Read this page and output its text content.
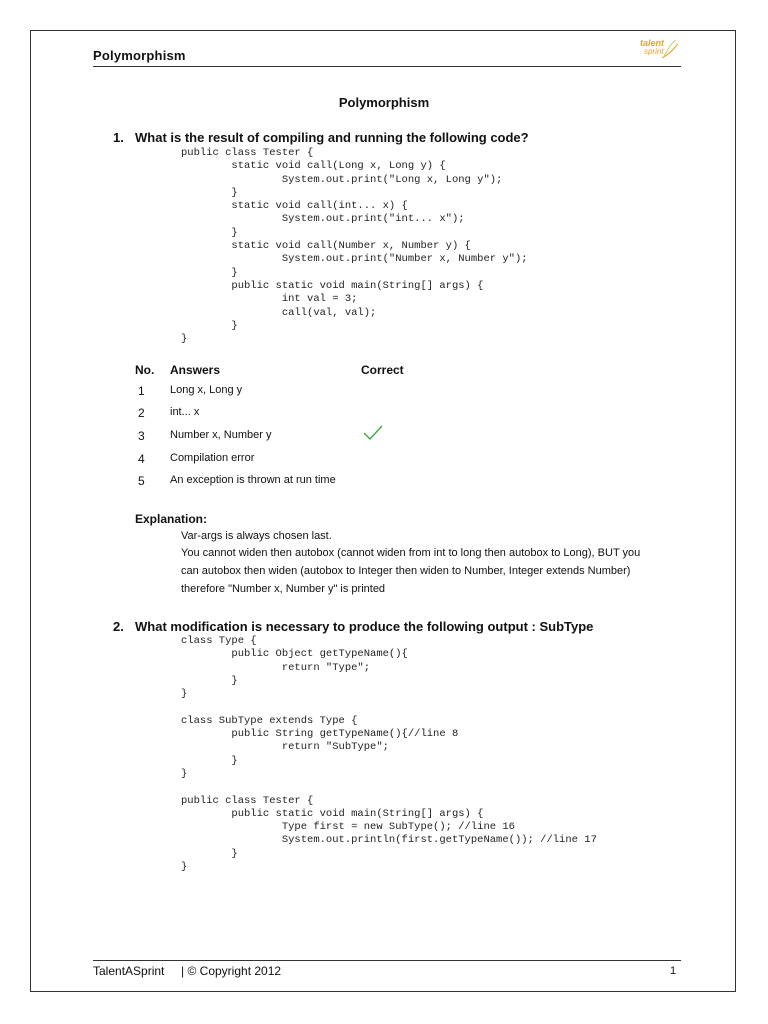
Polymorphism
talent
sprint
Polymorphism
1. What is the result of compiling and running the following code?
public class Tester {
static void call(Long x, Long y) {
System.out.print("Long x, Long y");
}
static void call(int... x) {
System.out.print("int... x");
}
static void call(Number x, Number y) {
System.out.print("Number x, Number y");
}
public static void main(String[] args) {
int val = 3;
call(val, val);
}
}
No. Answers	Correct
1 Long x, Long y
2 int... x
3 Number x, Number y
4 Compilation error
5 An exception is thrown at run time
Explanation:
Var-args is always chosen last.
You cannot widen then autobox (cannot widen from int to long then autobox to Long), BUT you
can autobox then widen (autobox to Integer then widen to Number, Integer extends Number)
therefore "Number x, Number y" is printed
2. What modification is necessary to produce the following output : SubType
class Type {
public Object getTypeName(){
return "Type";
}
}

class SubType extends Type {
public String getTypeName(){//line 8
return "SubType";
}
}

public class Tester {
public static void main(String[] args) {
Type first = new SubType(); //line 16
System.out.println(first.getTypeName()); //line 17
}
}
TalentASprint     | © Copyright 2012	1
